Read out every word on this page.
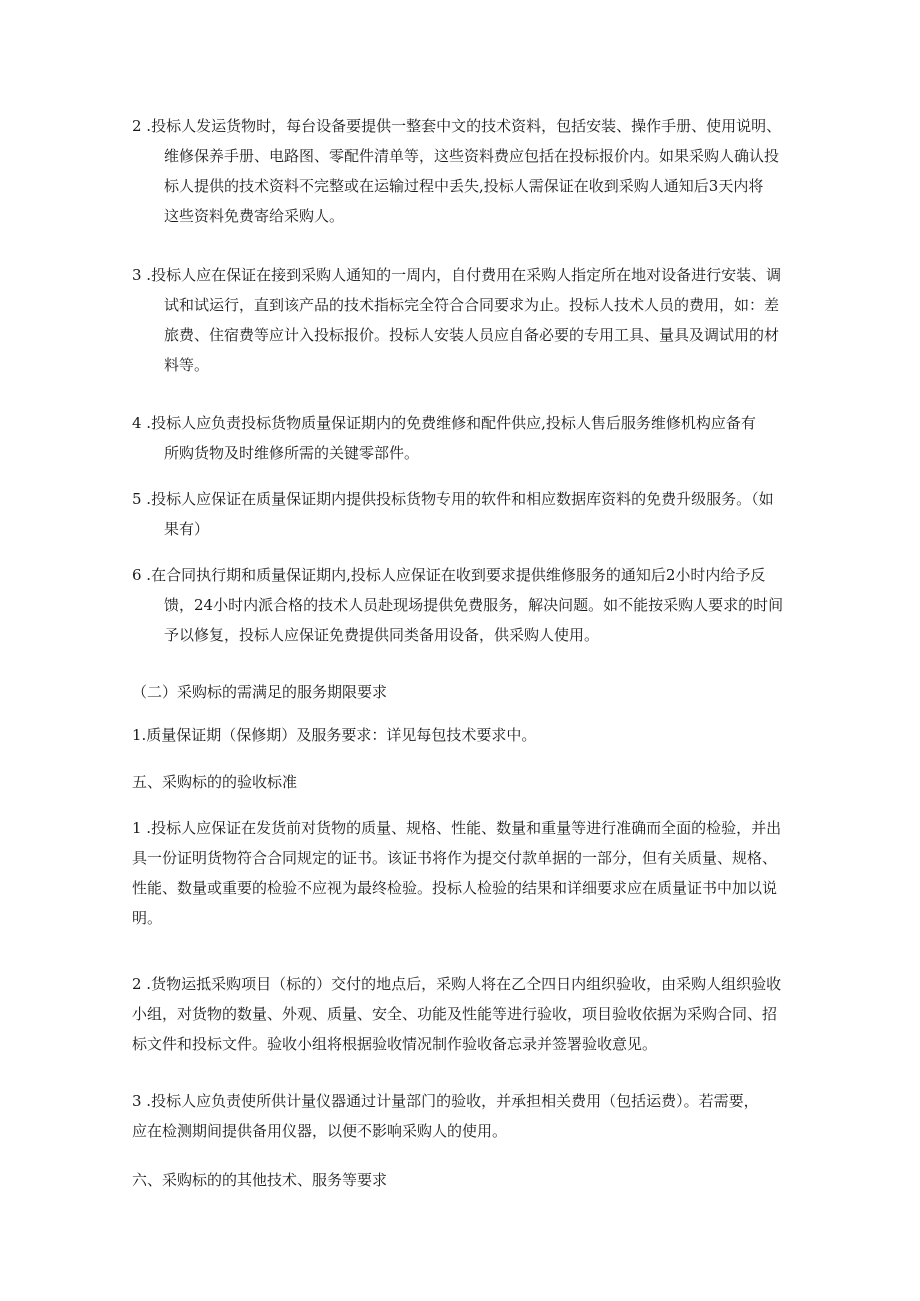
2 .投标人发运货物时，每台设备要提供一整套中文的技术资料，包括安装、操作手册、使用说明、
维修保养手册、电路图、零配件清单等，这些资料费应包括在投标报价内。如果采购人确认投
标人提供的技术资料不完整或在运输过程中丢失,投标人需保证在收到采购人通知后3天内将
这些资料免费寄给采购人。
3 .投标人应在保证在接到采购人通知的一周内，自付费用在采购人指定所在地对设备进行安装、调
试和试运行，直到该产品的技术指标完全符合合同要求为止。投标人技术人员的费用，如：差
旅费、住宿费等应计入投标报价。投标人安装人员应自备必要的专用工具、量具及调试用的材
料等。
4 .投标人应负责投标货物质量保证期内的免费维修和配件供应,投标人售后服务维修机构应备有
所购货物及时维修所需的关键零部件。
5 .投标人应保证在质量保证期内提供投标货物专用的软件和相应数据库资料的免费升级服务。（如
果有）
6 .在合同执行期和质量保证期内,投标人应保证在收到要求提供维修服务的通知后2小时内给予反
馈，24小时内派合格的技术人员赴现场提供免费服务，解决问题。如不能按采购人要求的时间
予以修复，投标人应保证免费提供同类备用设备，供采购人使用。
（二）采购标的需满足的服务期限要求
1.质量保证期（保修期）及服务要求：详见每包技术要求中。
五、采购标的的验收标准
1 .投标人应保证在发货前对货物的质量、规格、性能、数量和重量等进行准确而全面的检验，并出
具一份证明货物符合合同规定的证书。该证书将作为提交付款单据的一部分，但有关质量、规格、
性能、数量或重要的检验不应视为最终检验。投标人检验的结果和详细要求应在质量证书中加以说
明。
2 .货物运抵采购项目（标的）交付的地点后，采购人将在乙仝四日内组织验收，由采购人组织验收
小组，对货物的数量、外观、质量、安全、功能及性能等进行验收，项目验收依据为采购合同、招
标文件和投标文件。验收小组将根据验收情况制作验收备忘录并签署验收意见。
3 .投标人应负责使所供计量仪器通过计量部门的验收，并承担相关费用（包括运费）。若需要，
应在检测期间提供备用仪器，以便不影响采购人的使用。
六、采购标的的其他技术、服务等要求
